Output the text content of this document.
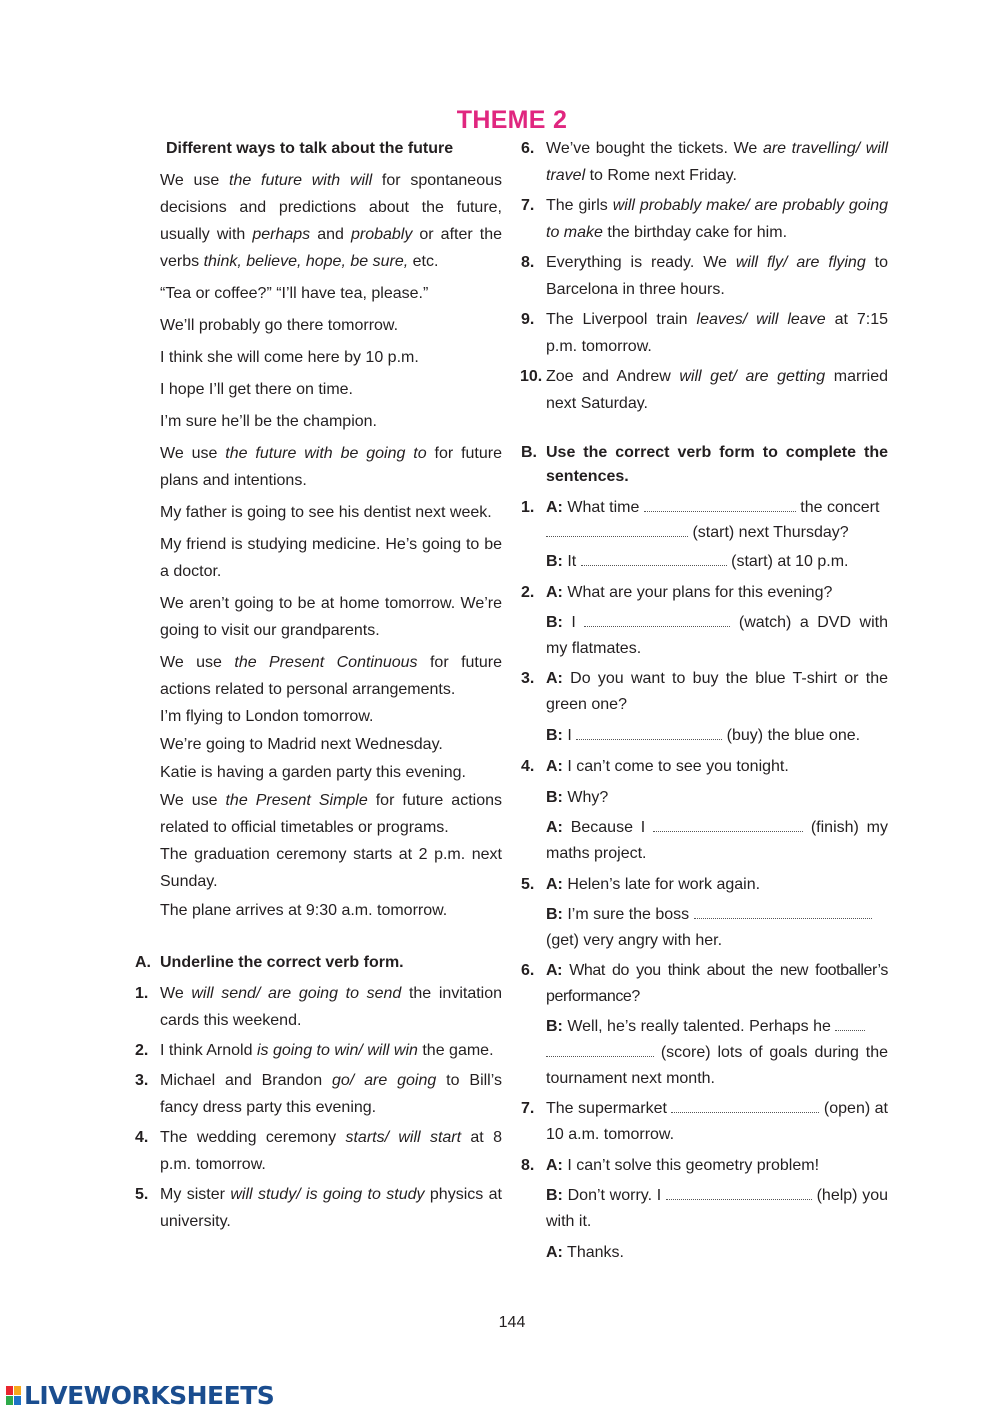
THEME 2
Different ways to talk about the future
We use the future with will for spontaneous decisions and predictions about the future, usually with perhaps and probably or after the verbs think, believe, hope, be sure, etc.
“Tea or coffee?” “I’ll have tea, please.”
We’ll probably go there tomorrow.
I think she will come here by 10 p.m.
I hope I’ll get there on time.
I’m sure he’ll be the champion.
We use the future with be going to for future plans and intentions.
My father is going to see his dentist next week.
My friend is studying medicine. He’s going to be a doctor.
We aren’t going to be at home tomorrow. We’re going to visit our grandparents.
We use the Present Continuous for future actions related to personal arrangements.
I’m flying to London tomorrow.
We’re going to Madrid next Wednesday.
Katie is having a garden party this evening.
We use the Present Simple for future actions related to official timetables or programs.
The graduation ceremony starts at 2 p.m. next Sunday.
The plane arrives at 9:30 a.m. tomorrow.
A. Underline the correct verb form.
1. We will send/ are going to send the invitation cards this weekend.
2. I think Arnold is going to win/ will win the game.
3. Michael and Brandon go/ are going to Bill’s fancy dress party this evening.
4. The wedding ceremony starts/ will start at 8 p.m. tomorrow.
5. My sister will study/ is going to study physics at university.
6. We’ve bought the tickets. We are travelling/ will travel to Rome next Friday.
7. The girls will probably make/ are probably going to make the birthday cake for him.
8. Everything is ready. We will fly/ are flying to Barcelona in three hours.
9. The Liverpool train leaves/ will leave at 7:15 p.m. tomorrow.
10. Zoe and Andrew will get/ are getting married next Saturday.
B. Use the correct verb form to complete the sentences.
1. A: What time	the concert
(start) next Thursday?
B: It	(start) at 10 p.m.
2. A: What are your plans for this evening?
B: I	(watch) a DVD with my flatmates.
3. A: Do you want to buy the blue T-shirt or the green one?
B: I	(buy) the blue one.
4. A: I can’t come to see you tonight.
B: Why?
A: Because I	(finish) my maths project.
5. A: Helen’s late for work again.
B: I’m sure the boss
(get) very angry with her.
6. A: What do you think about the new footballer’s performance?
B: Well, he’s really talented. Perhaps he
(score) lots of goals during the tournament next month.
7. The supermarket	(open) at 10 a.m. tomorrow.
8. A: I can’t solve this geometry problem!
B: Don’t worry. I	(help) you with it.
A: Thanks.
144
LIVEWORKSHEETS
